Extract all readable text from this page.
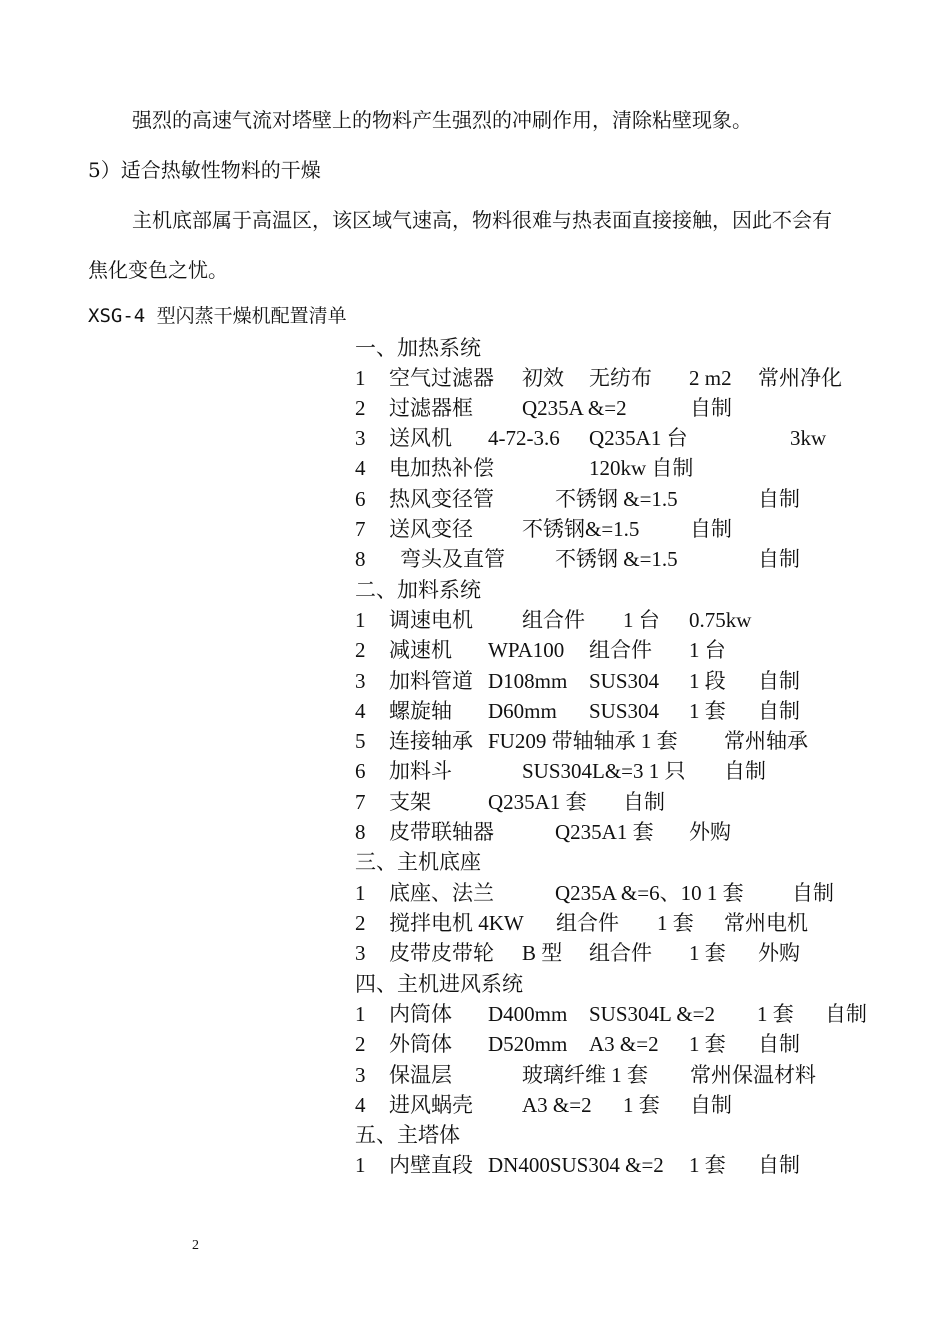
强烈的高速气流对塔壁上的物料产生强烈的冲刷作用，清除粘壁现象。
5）适合热敏性物料的干燥
主机底部属于高温区，该区域气速高，物料很难与热表面直接接触，因此不会有
焦化变色之忧。
XSG-4 型闪蒸干燥机配置清单
一、加热系统
1 空气过滤器 初效 无纺布 2 m2 常州净化
2 过滤器框 Q235A &=2	自制
3 送风机 4-72-3.6 Q235A1 台	3kw
4 电加热补偿	120kw 自制
6 热风变径管	不锈钢 &=1.5	自制
7 送风变径 不锈钢&=1.5 自制
8 弯头及直管 不锈钢 &=1.5	自制
二、加料系统
1 调速电机 组合件 1 台 0.75kw
2 减速机 WPA100 组合件 1 台
3 加料管道 D108mm SUS304 1 段 自制
4 螺旋轴 D60mm SUS304 1 套 自制
5 连接轴承 FU209 带轴轴承 1 套 常州轴承
6 加料斗	SUS304L&=3 1 只 自制
7 支架	Q235A1 套 自制
8 皮带联轴器	Q235A1 套 外购
三、主机底座
1 底座、法兰	Q235A &=6、10 1 套 自制
2 搅拌电机 4KW 组合件 1 套 常州电机
3 皮带皮带轮 B 型 组合件 1 套 外购
四、主机进风系统
1 内筒体 D400mm SUS304L &=2 1 套 自制
2 外筒体 D520mm A3 &=2 1 套 自制
3 保温层	玻璃纤维 1 套 常州保温材料
4 进风蜗壳 A3 &=2 1 套 自制
五、主塔体
1 内壁直段 DN400SUS304 &=2 1 套 自制
2
